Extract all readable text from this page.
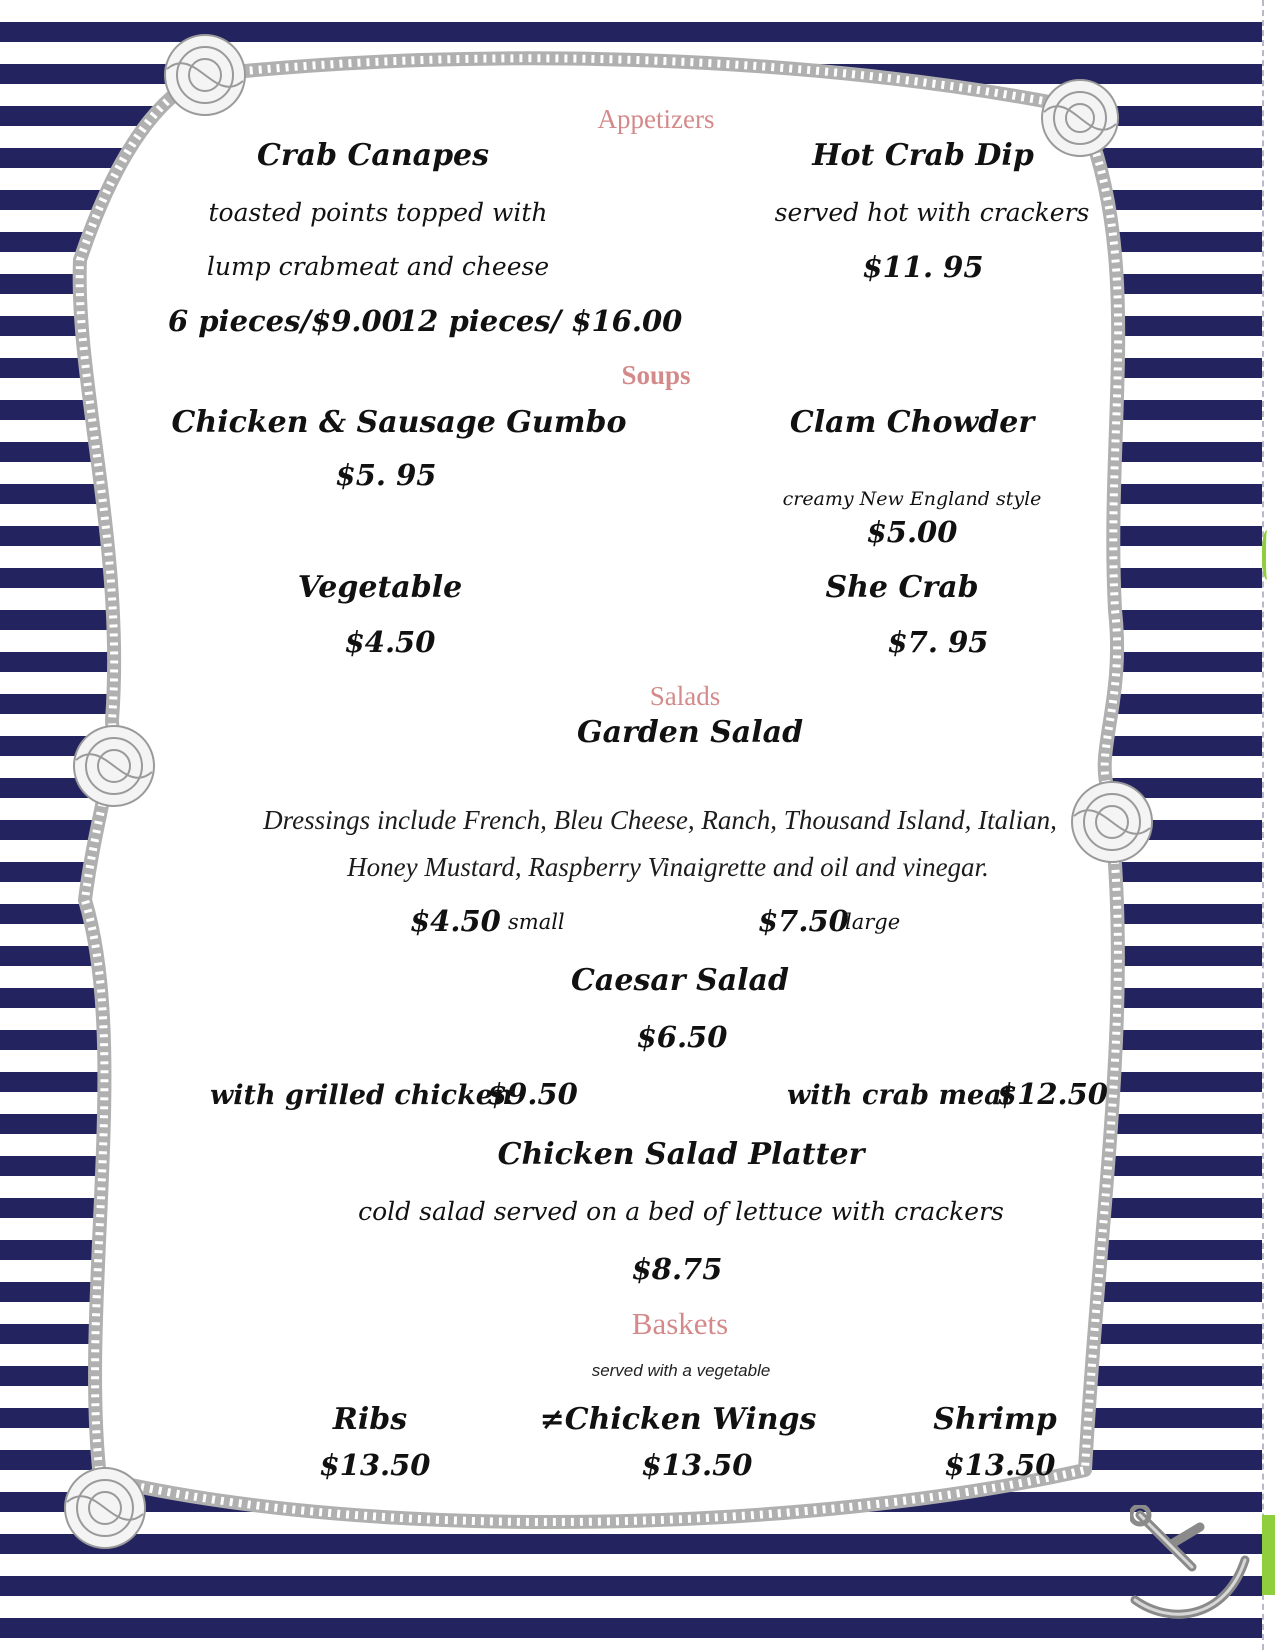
Appetizers
Crab Canapes
toasted points topped with
lump crabmeat and cheese
6 pieces/$9.00
12 pieces/ $16.00
Hot Crab Dip
served hot with crackers
$11. 95
Soups
Chicken & Sausage Gumbo
$5. 95
Clam Chowder
creamy New England style
$5.00
Vegetable
$4.50
She Crab
$7. 95
Salads
Garden Salad
Dressings include French, Bleu Cheese, Ranch, Thousand Island, Italian,
Honey Mustard, Raspberry Vinaigrette and oil and vinegar.
$4.50 small	$7.50
large
Caesar Salad
$6.50
with grilled chicken
$9.50	with crab meat
$12.50
Chicken Salad Platter
cold salad served on a bed of lettuce with crackers
$8.75
Baskets
served with a vegetable
Ribs
$13.50
≠Chicken Wings
$13.50
Shrimp
$13.50
